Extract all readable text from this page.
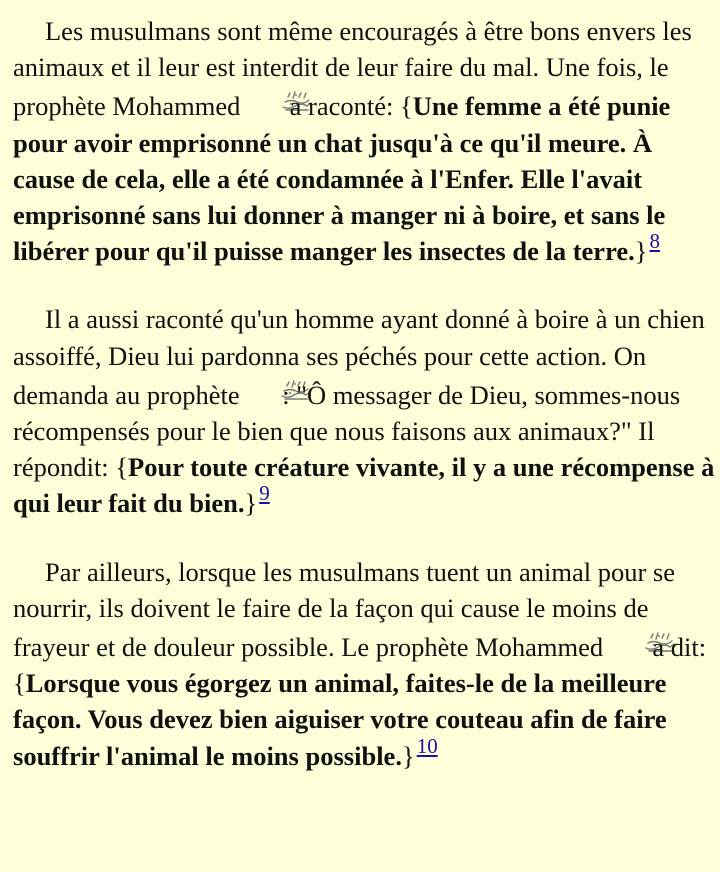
Les musulmans sont même encouragés à être bons envers les animaux et il leur est interdit de leur faire du mal. Une fois, le prophète Mohammed  a raconté: {Une femme a été punie pour avoir emprisonné un chat jusqu'à ce qu'il meure. À cause de cela, elle a été condamnée à l'Enfer. Elle l'avait emprisonné sans lui donner à manger ni à boire, et sans le libérer pour qu'il puisse manger les insectes de la terre.}$^8$

Il a aussi raconté qu'un homme ayant donné à boire à un chien assoiffé, Dieu lui pardonna ses péchés pour cette action. On demanda au prophète : "Ô messager de Dieu, sommes-nous récompensés pour le bien que nous faisons aux animaux?" Il répondit: {Pour toute créature vivante, il y a une récompense à qui leur fait du bien.}$^9$

Par ailleurs, lorsque les musulmans tuent un animal pour se nourrir, ils doivent le faire de la façon qui cause le moins de frayeur et de douleur possible. Le prophète Mohammed  a dit: {Lorsque vous égorgez un animal, faites-le de la meilleure façon. Vous devez bien aiguiser votre couteau afin de faire souffrir l'animal le moins possible.}$^{10}$
